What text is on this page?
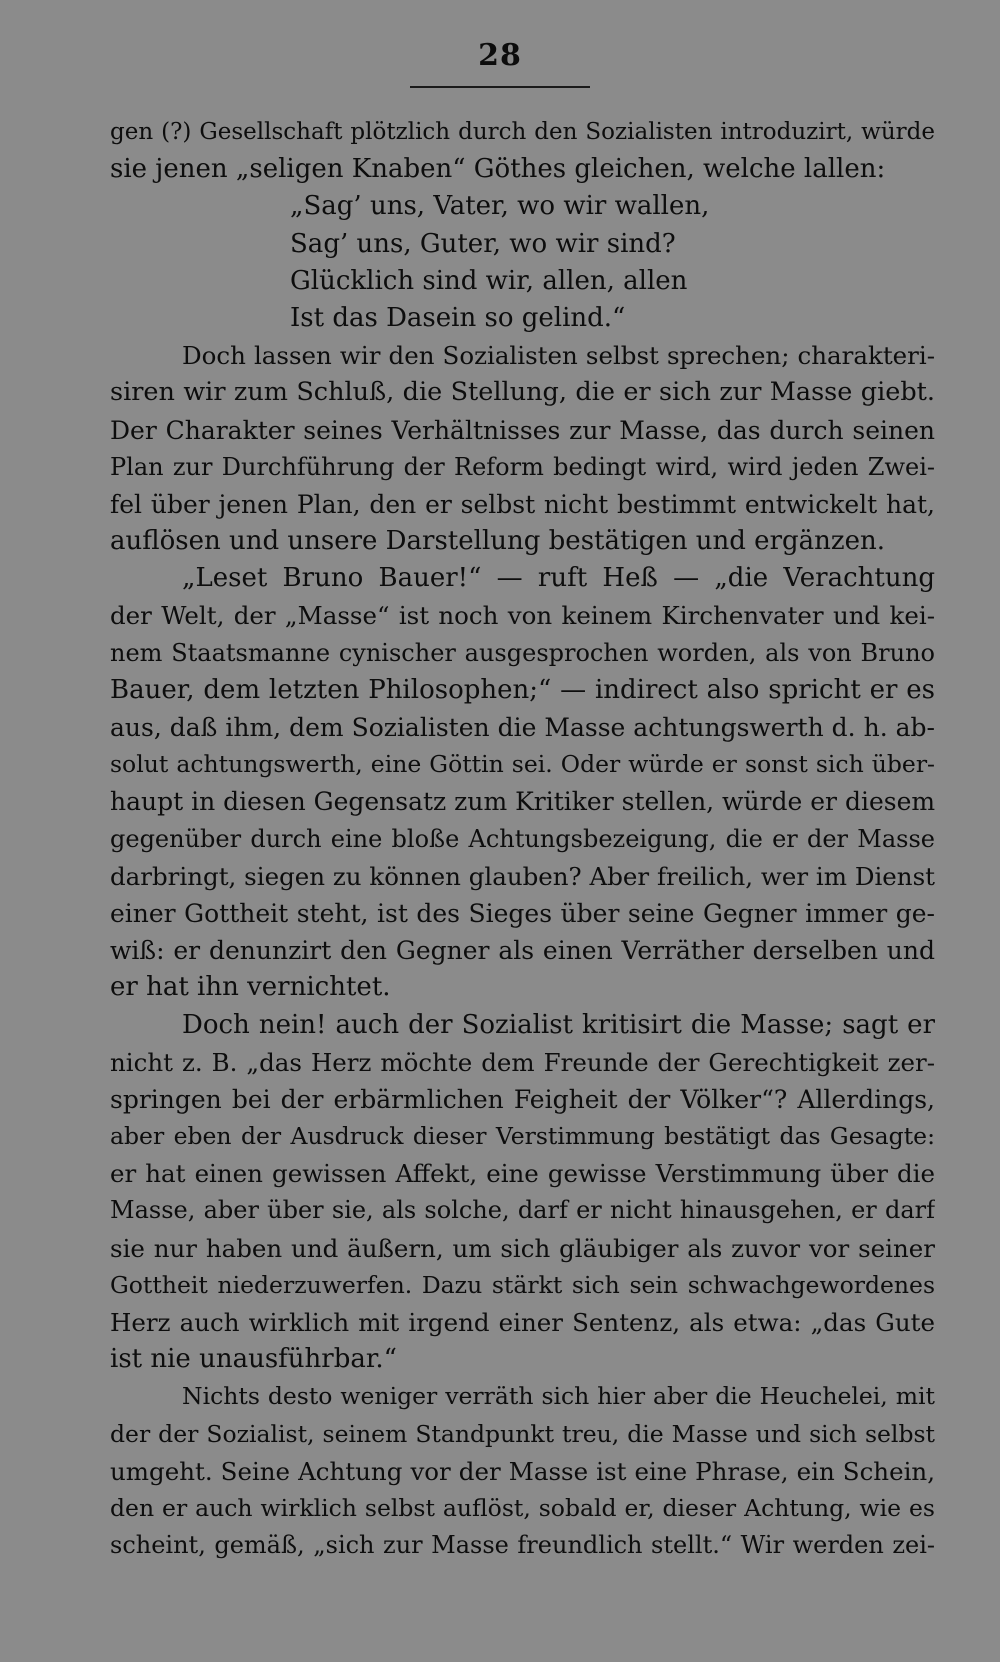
28
gen (?) Gesellschaft plötzlich durch den Sozialisten introduzirt, würde
sie jenen „seligen Knaben“ Göthes gleichen, welche lallen:
„Sag’ uns, Vater, wo wir wallen,
Sag’ uns, Guter, wo wir sind?
Glücklich sind wir, allen, allen
Ist das Dasein so gelind.“
Doch lassen wir den Sozialisten selbst sprechen; charakteri-
siren wir zum Schluß, die Stellung, die er sich zur Masse giebt.
Der Charakter seines Verhältnisses zur Masse, das durch seinen
Plan zur Durchführung der Reform bedingt wird, wird jeden Zwei-
fel über jenen Plan, den er selbst nicht bestimmt entwickelt hat,
auflösen und unsere Darstellung bestätigen und ergänzen.
„Leset Bruno Bauer!“ — ruft Heß — „die Verachtung
der Welt, der „Masse“ ist noch von keinem Kirchenvater und kei-
nem Staatsmanne cynischer ausgesprochen worden, als von Bruno
Bauer, dem letzten Philosophen;“ — indirect also spricht er es
aus, daß ihm, dem Sozialisten die Masse achtungswerth d. h. ab-
solut achtungswerth, eine Göttin sei. Oder würde er sonst sich über-
haupt in diesen Gegensatz zum Kritiker stellen, würde er diesem
gegenüber durch eine bloße Achtungsbezeigung, die er der Masse
darbringt, siegen zu können glauben? Aber freilich, wer im Dienst
einer Gottheit steht, ist des Sieges über seine Gegner immer ge-
wiß: er denunzirt den Gegner als einen Verräther derselben und
er hat ihn vernichtet.
Doch nein! auch der Sozialist kritisirt die Masse; sagt er
nicht z. B. „das Herz möchte dem Freunde der Gerechtigkeit zer-
springen bei der erbärmlichen Feigheit der Völker“? Allerdings,
aber eben der Ausdruck dieser Verstimmung bestätigt das Gesagte:
er hat einen gewissen Affekt, eine gewisse Verstimmung über die
Masse, aber über sie, als solche, darf er nicht hinausgehen, er darf
sie nur haben und äußern, um sich gläubiger als zuvor vor seiner
Gottheit niederzuwerfen. Dazu stärkt sich sein schwachgewordenes
Herz auch wirklich mit irgend einer Sentenz, als etwa: „das Gute
ist nie unausführbar.“
Nichts desto weniger verräth sich hier aber die Heuchelei, mit
der der Sozialist, seinem Standpunkt treu, die Masse und sich selbst
umgeht. Seine Achtung vor der Masse ist eine Phrase, ein Schein,
den er auch wirklich selbst auflöst, sobald er, dieser Achtung, wie es
scheint, gemäß, „sich zur Masse freundlich stellt.“ Wir werden zei-
